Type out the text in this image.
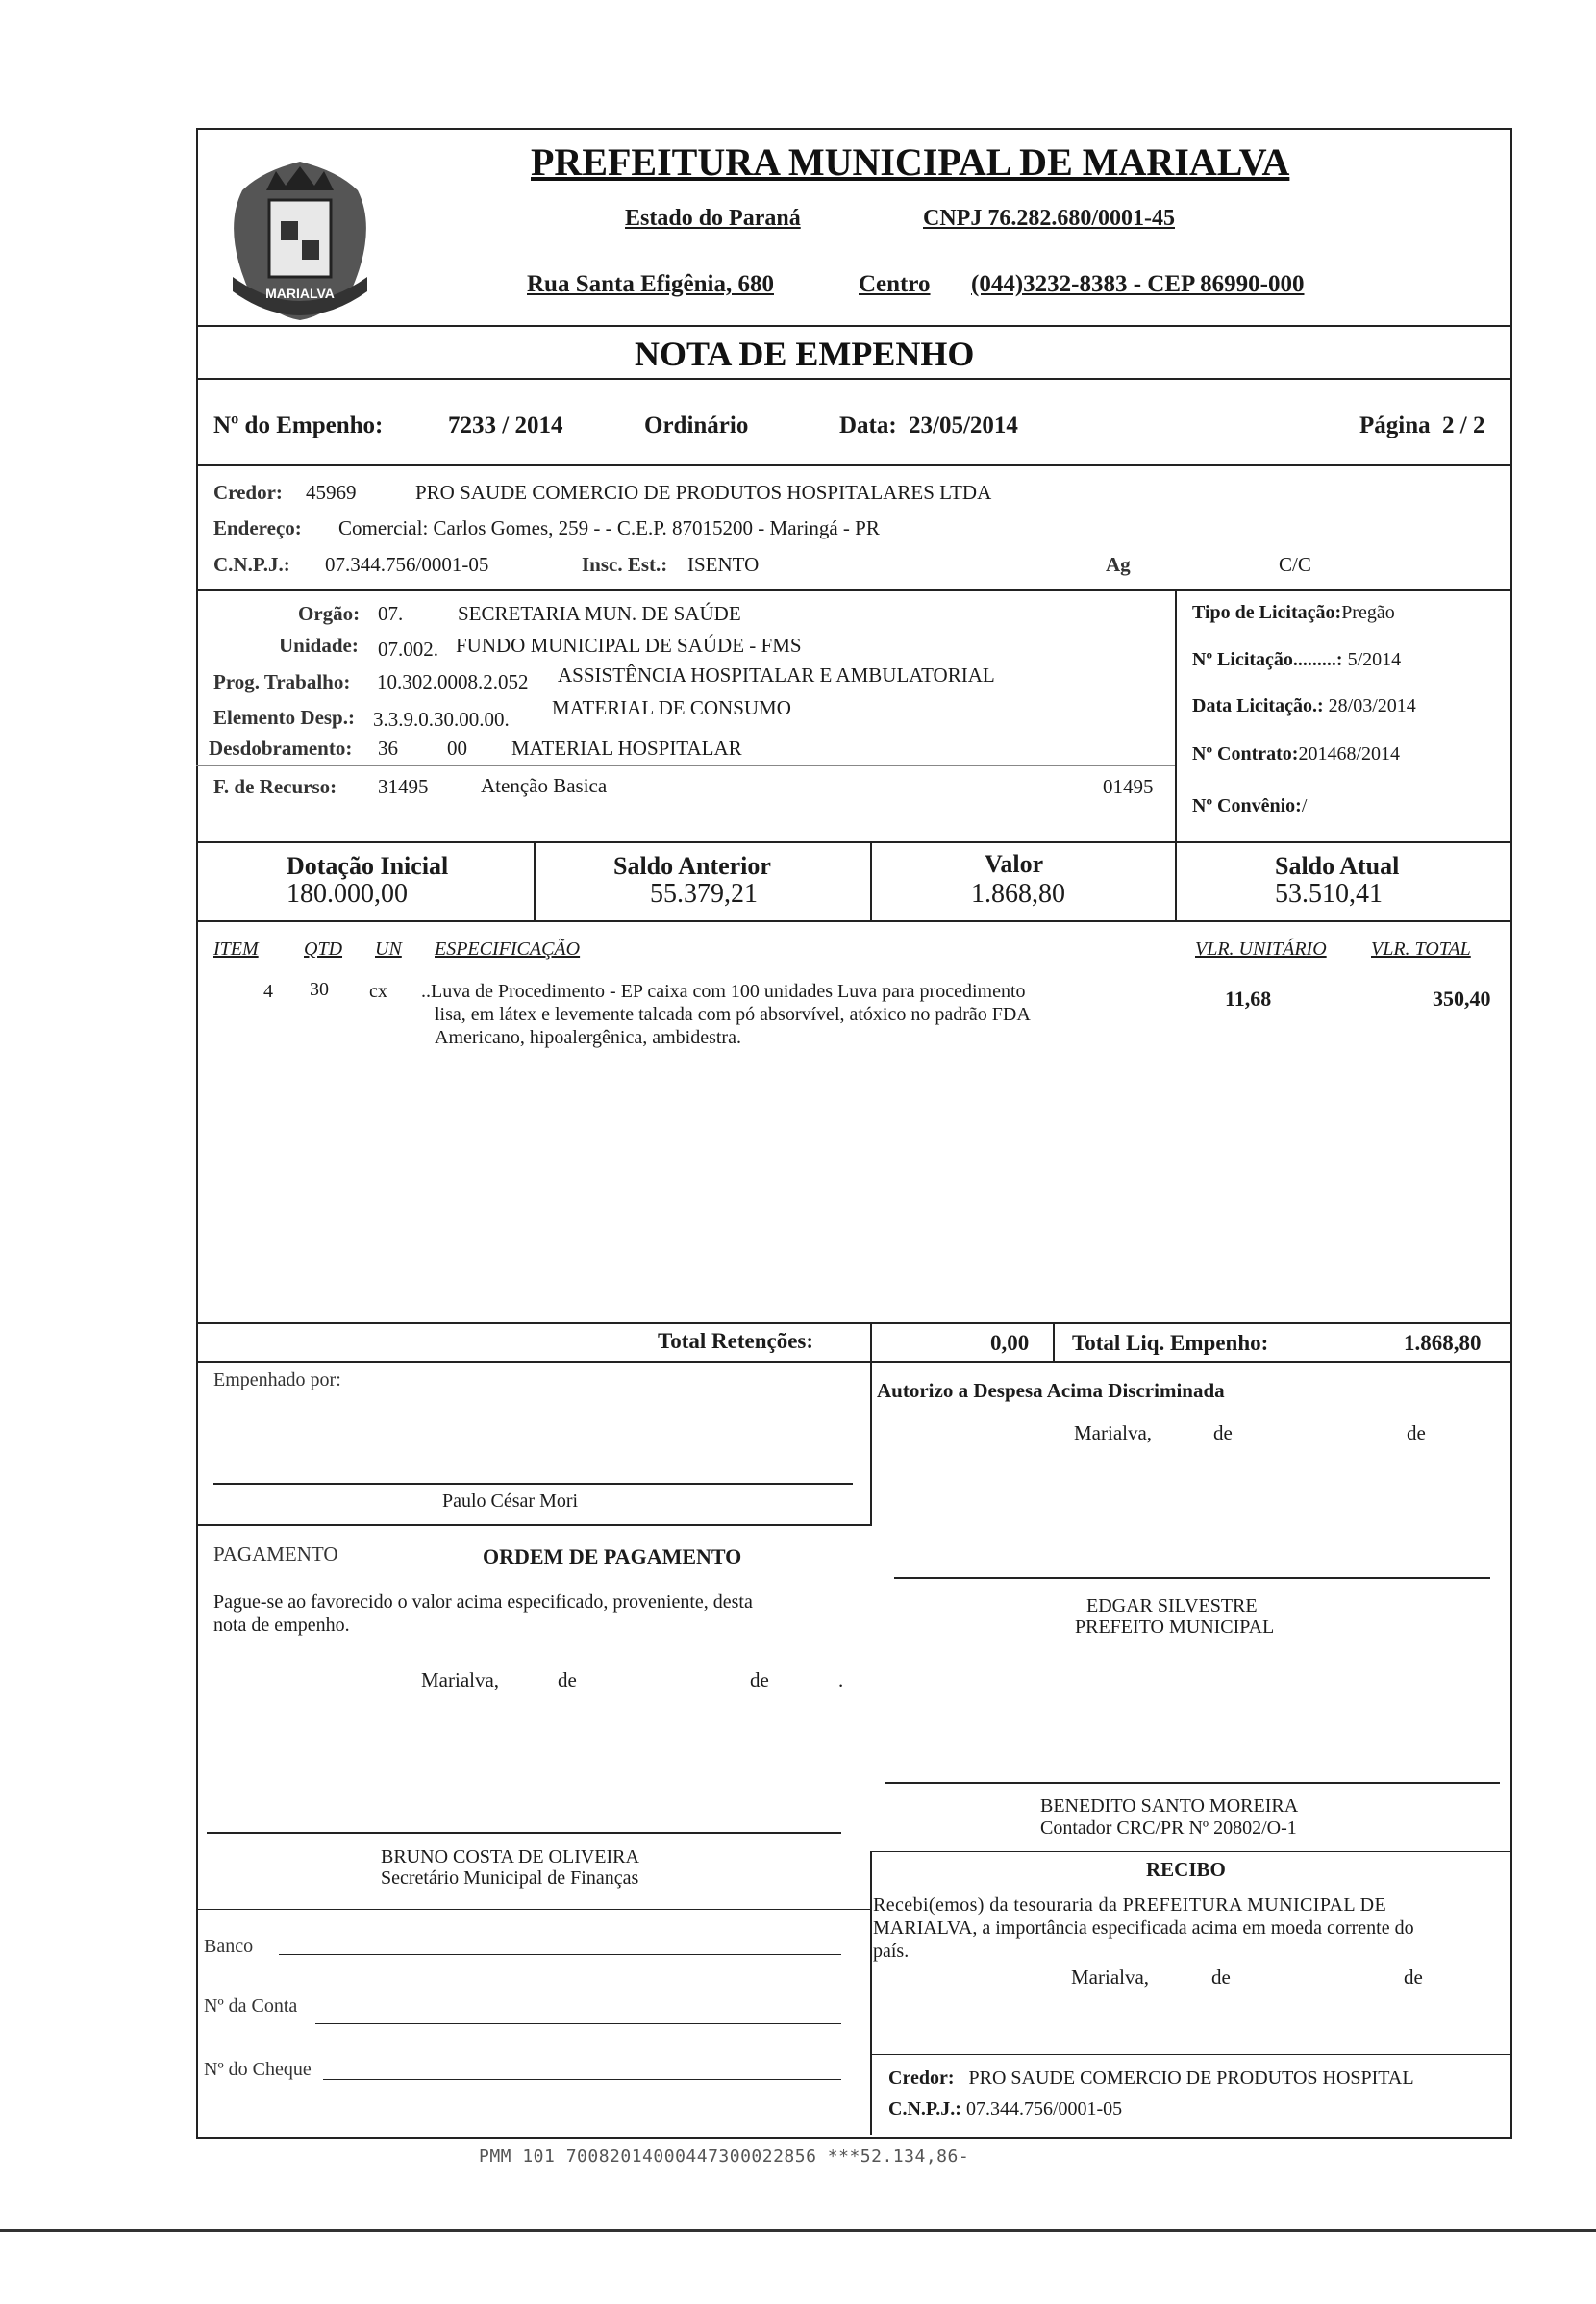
MARIALVA
PREFEITURA MUNICIPAL DE MARIALVA
Estado do Paraná	CNPJ 76.282.680/0001-45
Rua Santa Efigênia, 680	Centro (044)3232-8383 - CEP 86990-000
NOTA DE EMPENHO
Nº do Empenho:	7233 / 2014	Ordinário	Data: 23/05/2014	Página 2 / 2
Credor: 45969	PRO SAUDE COMERCIO DE PRODUTOS HOSPITALARES LTDA
Endereço: Comercial: Carlos Gomes, 259 - - C.E.P. 87015200 - Maringá - PR
C.N.P.J.: 07.344.756/0001-05	Insc. Est.: ISENTO	Ag	C/C
Orgão: 07.	SECRETARIA MUN. DE SAÚDE
Unidade: 07.002. FUNDO MUNICIPAL DE SAÚDE - FMS
Prog. Trabalho: 10.302.0008.2.052 ASSISTÊNCIA HOSPITALAR E AMBULATORIAL
Elemento Desp.: 3.3.9.0.30.00.00. MATERIAL DE CONSUMO
Desdobramento: 36 00 MATERIAL HOSPITALAR
F. de Recurso: 31495	Atenção Basica	01495
Tipo de Licitação:Pregão
Nº Licitação.........: 5/2014
Data Licitação.: 28/03/2014
Nº Contrato:201468/2014
Nº Convênio:/
Dotação Inicial
180.000,00
Saldo Anterior
55.379,21
Valor
1.868,80
Saldo Atual
53.510,41
ITEM QTD UN ESPECIFICAÇÃO	VLR. UNITÁRIO VLR. TOTAL
4 30 cx ..Luva de Procedimento - EP caixa com 100 unidades Luva para procedimento
lisa, em látex e levemente talcada com pó absorvível, atóxico no padrão FDA
Americano, hipoalergênica, ambidestra.
11,68	350,40
Total Retenções:	0,00 Total Liq. Empenho:	1.868,80
Empenhado por:
Paulo César Mori
Autorizo a Despesa Acima Discriminada
Marialva,	de	de
PAGAMENTO	ORDEM DE PAGAMENTO
Pague-se ao favorecido o valor acima especificado, proveniente, desta
nota de empenho.
Marialva,	de	de	.
EDGAR SILVESTRE
PREFEITO MUNICIPAL
BENEDITO SANTO MOREIRA
Contador CRC/PR Nº 20802/O-1
BRUNO COSTA DE OLIVEIRA
Secretário Municipal de Finanças	RECIBO
Recebi(emos) da tesouraria da PREFEITURA MUNICIPAL DE
MARIALVA, a importância especificada acima em moeda corrente do
país.
Marialva,	de	de
Banco
Nº da Conta
Nº do Cheque	Credor: PRO SAUDE COMERCIO DE PRODUTOS HOSPITAL
C.N.P.J.: 07.344.756/0001-05
PMM 101 70082014000447300022856 ***52.134,86-
